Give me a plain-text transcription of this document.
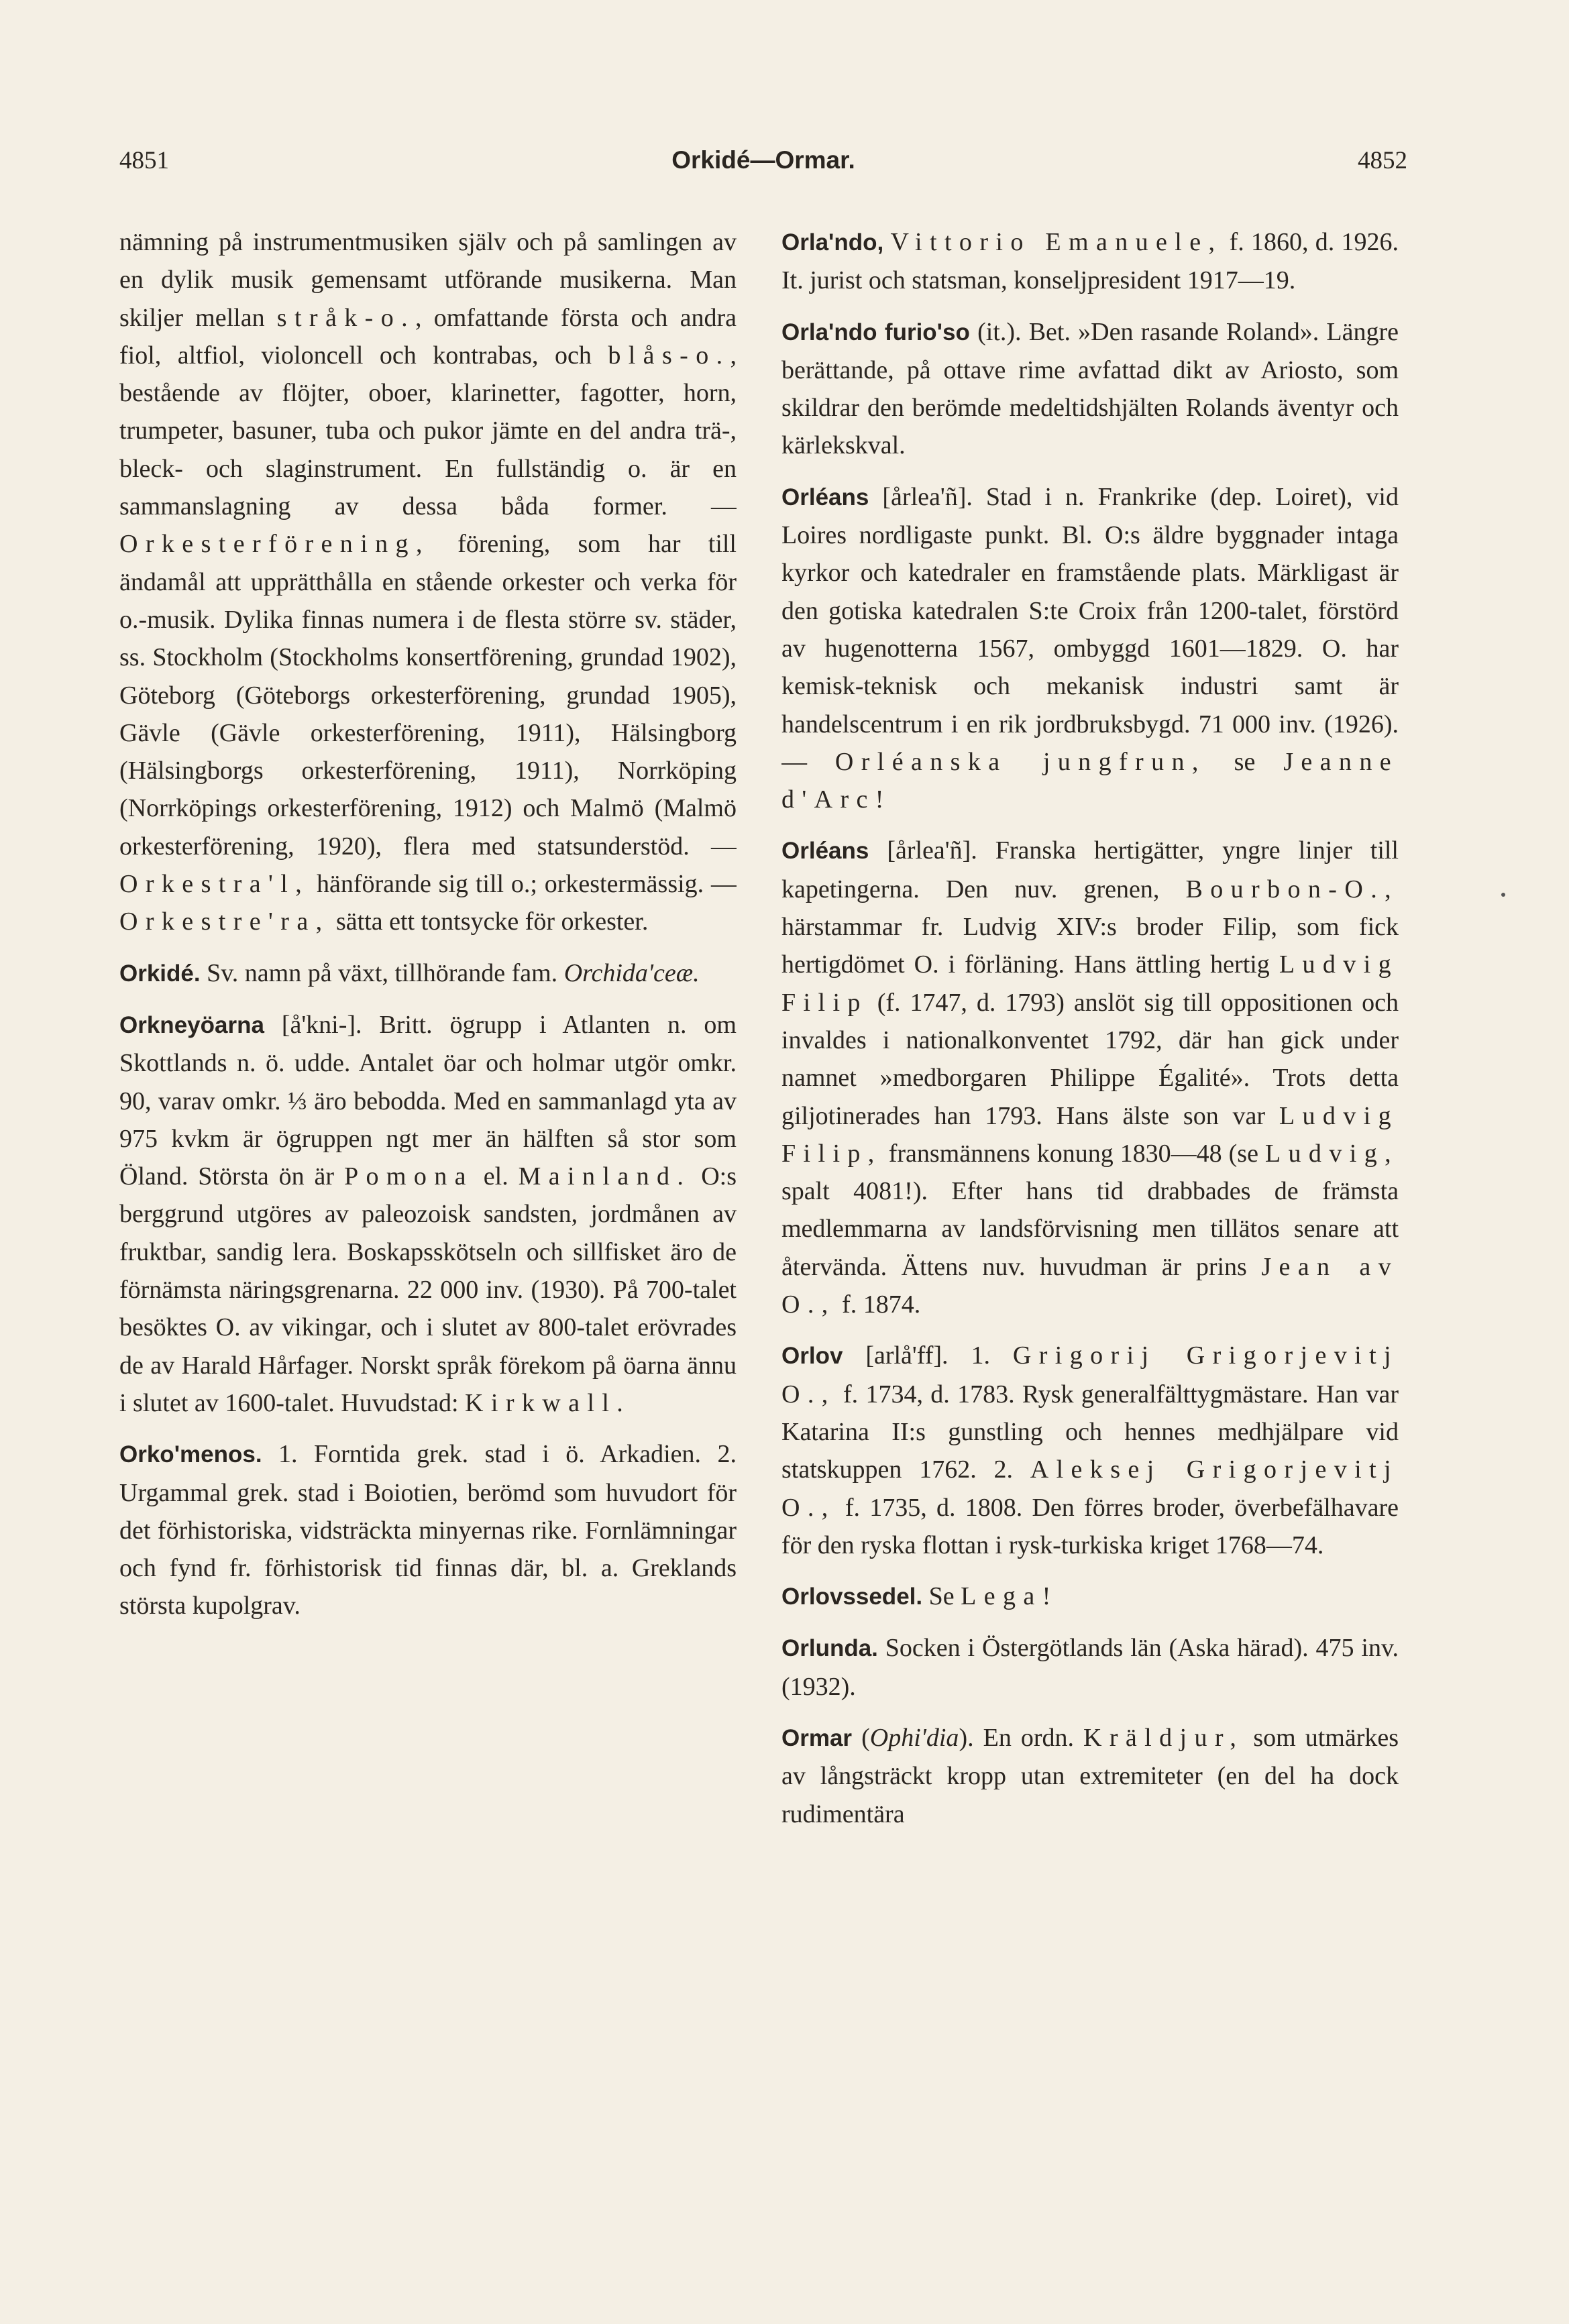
4851	Orkidé—Ormar.	4852

nämning på instrumentmusiken själv och på samlingen av en dylik musik gemensamt utförande musikerna. Man skiljer mellan stråk-o., omfattande första och andra fiol, altfiol, violoncell och kontrabas, och blås-o., bestående av flöjter, oboer, klarinetter, fagotter, horn, trumpeter, basuner, tuba och pukor jämte en del andra trä-, bleck- och slaginstrument. En fullständig o. är en sammanslagning av dessa båda former. — Orkesterförening, förening, som har till ändamål att upprätthålla en stående orkester och verka för o.-musik. Dylika finnas numera i de flesta större sv. städer, ss. Stockholm (Stockholms konsertförening, grundad 1902), Göteborg (Göteborgs orkesterförening, grundad 1905), Gävle (Gävle orkesterförening, 1911), Hälsingborg (Hälsingborgs orkesterförening, 1911), Norrköping (Norrköpings orkesterförening, 1912) och Malmö (Malmö orkesterförening, 1920), flera med statsunderstöd. — Orkestra'l, hänförande sig till o.; orkestermässig. — Orkestre'ra, sätta ett tontsycke för orkester.

Orkidé. Sv. namn på växt, tillhörande fam. Orchida'ceæ.

Orkneyöarna [å'kni-]. Britt. ögrupp i Atlanten n. om Skottlands n. ö. udde. Antalet öar och holmar utgör omkr. 90, varav omkr. ⅓ äro bebodda. Med en sammanlagd yta av 975 kvkm är ögruppen ngt mer än hälften så stor som Öland. Största ön är Pomona el. Mainland. O:s berggrund utgöres av paleozoisk sandsten, jordmånen av fruktbar, sandig lera. Boskapsskötseln och sillfisket äro de förnämsta näringsgrenarna. 22 000 inv. (1930). På 700-talet besöktes O. av vikingar, och i slutet av 800-talet erövrades de av Harald Hårfager. Norskt språk förekom på öarna ännu i slutet av 1600-talet. Huvudstad: Kirkwall.

Orko'menos. 1. Forntida grek. stad i ö. Arkadien. 2. Urgammal grek. stad i Boiotien, berömd som huvudort för det förhistoriska, vidsträckta minyernas rike. Fornlämningar och fynd fr. förhistorisk tid finnas där, bl. a. Greklands största kupolgrav.

Orla'ndo, Vittorio Emanuele, f. 1860, d. 1926. It. jurist och statsman, konseljpresident 1917—19.

Orla'ndo furio'so (it.). Bet. »Den rasande Roland». Längre berättande, på ottave rime avfattad dikt av Ariosto, som skildrar den berömde medeltidshjälten Rolands äventyr och kärlekskval.

Orléans [årlea'ñ]. Stad i n. Frankrike (dep. Loiret), vid Loires nordligaste punkt. Bl. O:s äldre byggnader intaga kyrkor och katedraler en framstående plats. Märkligast är den gotiska katedralen S:te Croix från 1200-talet, förstörd av hugenotterna 1567, ombyggd 1601—1829. O. har kemisk-teknisk och mekanisk industri samt är handelscentrum i en rik jordbruksbygd. 71 000 inv. (1926). — Orléanska jungfrun, se Jeanne d'Arc!

Orléans [årlea'ñ]. Franska hertigätter, yngre linjer till kapetingerna. Den nuv. grenen, Bourbon-O., härstammar fr. Ludvig XIV:s broder Filip, som fick hertigdömet O. i förläning. Hans ättling hertig Ludvig Filip (f. 1747, d. 1793) anslöt sig till oppositionen och invaldes i nationalkonventet 1792, där han gick under namnet »medborgaren Philippe Égalité». Trots detta giljotinerades han 1793. Hans älste son var Ludvig Filip, fransmännens konung 1830—48 (se Ludvig, spalt 4081!). Efter hans tid drabbades de främsta medlemmarna av landsförvisning men tillätos senare att återvända. Ättens nuv. huvudman är prins Jean av O., f. 1874.

Orlov [arlå'ff]. 1. Grigorij Grigorjevitj O., f. 1734, d. 1783. Rysk generalfälttygmästare. Han var Katarina II:s gunstling och hennes medhjälpare vid statskuppen 1762. 2. Aleksej Grigorjevitj O., f. 1735, d. 1808. Den förres broder, överbefälhavare för den ryska flottan i rysk-turkiska kriget 1768—74.

Orlovssedel. Se Lega!

Orlunda. Socken i Östergötlands län (Aska härad). 475 inv. (1932).

Ormar (Ophi'dia). En ordn. Kräldjur, som utmärkes av långsträckt kropp utan extremiteter (en del ha dock rudimentära
